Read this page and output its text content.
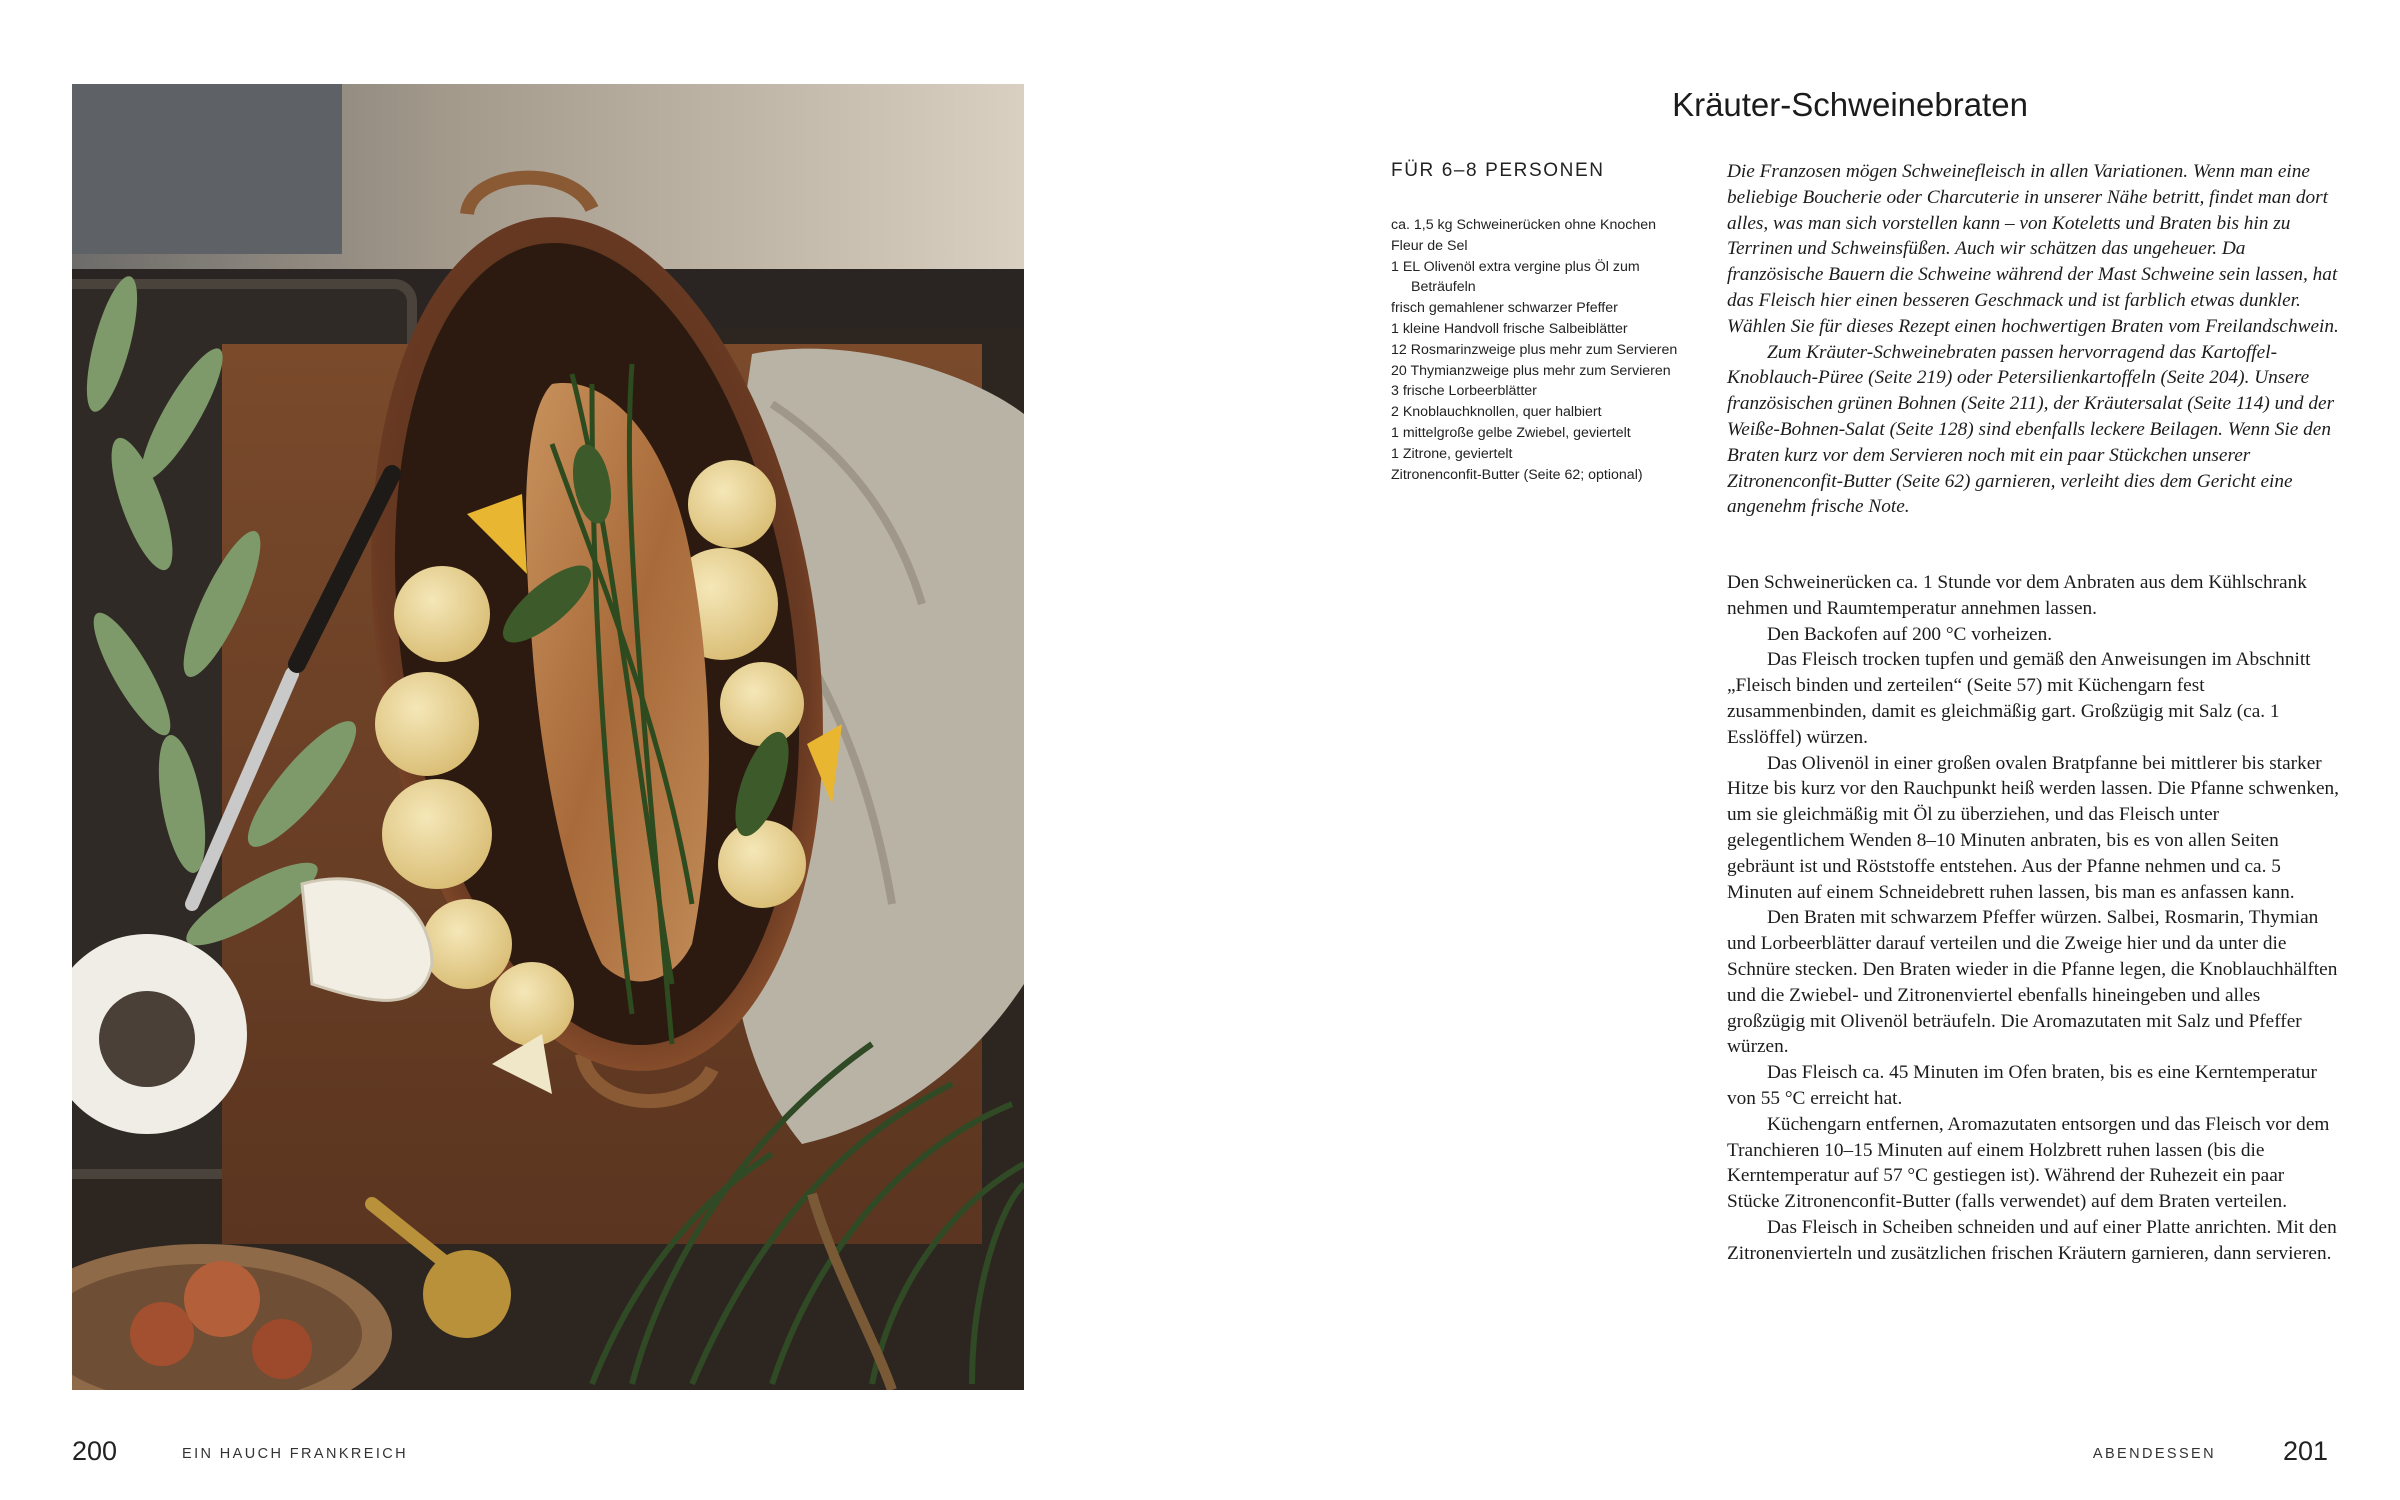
200	EIN HAUCH FRANKREICH
Kräuter-Schweinebraten
FÜR 6–8 PERSONEN
ca. 1,5 kg Schweinerücken ohne Knochen
Fleur de Sel
1 EL Olivenöl extra vergine plus Öl zum Beträufeln
frisch gemahlener schwarzer Pfeffer
1 kleine Handvoll frische Salbeiblätter
12 Rosmarinzweige plus mehr zum Servieren
20 Thymianzweige plus mehr zum Servieren
3 frische Lorbeerblätter
2 Knoblauchknollen, quer halbiert
1 mittelgroße gelbe Zwiebel, geviertelt
1 Zitrone, geviertelt
Zitronenconfit-Butter (Seite 62; optional)

Die Franzosen mögen Schweinefleisch in allen Variationen. Wenn man eine beliebige Boucherie oder Charcuterie in unserer Nähe betritt, findet man dort alles, was man sich vorstellen kann – von Koteletts und Braten bis hin zu Terrinen und Schweinsfüßen. Auch wir schätzen das ungeheuer. Da französische Bauern die Schweine während der Mast Schweine sein lassen, hat das Fleisch hier einen besseren Geschmack und ist farblich etwas dunkler. Wählen Sie für dieses Rezept einen hochwertigen Braten vom Freilandschwein.

Zum Kräuter-Schweinebraten passen hervorragend das Kartoffel-Knoblauch-Püree (Seite 219) oder Petersilienkartoffeln (Seite 204). Unsere französischen grünen Bohnen (Seite 211), der Kräutersalat (Seite 114) und der Weiße-Bohnen-Salat (Seite 128) sind ebenfalls leckere Beilagen. Wenn Sie den Braten kurz vor dem Servieren noch mit ein paar Stückchen unserer Zitronenconfit-Butter (Seite 62) garnieren, verleiht dies dem Gericht eine angenehm frische Note.

Den Schweinerücken ca. 1 Stunde vor dem Anbraten aus dem Kühlschrank nehmen und Raumtemperatur annehmen lassen.

Den Backofen auf 200 °C vorheizen.

Das Fleisch trocken tupfen und gemäß den Anweisungen im Abschnitt „Fleisch binden und zerteilen“ (Seite 57) mit Küchengarn fest zusammenbinden, damit es gleichmäßig gart. Großzügig mit Salz (ca. 1 Esslöffel) würzen.

Das Olivenöl in einer großen ovalen Bratpfanne bei mittlerer bis starker Hitze bis kurz vor den Rauchpunkt heiß werden lassen. Die Pfanne schwenken, um sie gleichmäßig mit Öl zu überziehen, und das Fleisch unter gelegentlichem Wenden 8–10 Minuten anbraten, bis es von allen Seiten gebräunt ist und Röststoffe entstehen. Aus der Pfanne nehmen und ca. 5 Minuten auf einem Schneidebrett ruhen lassen, bis man es anfassen kann.

Den Braten mit schwarzem Pfeffer würzen. Salbei, Rosmarin, Thymian und Lorbeerblätter darauf verteilen und die Zweige hier und da unter die Schnüre stecken. Den Braten wieder in die Pfanne legen, die Knoblauchhälften und die Zwiebel- und Zitronenviertel ebenfalls hineingeben und alles großzügig mit Olivenöl beträufeln. Die Aromazutaten mit Salz und Pfeffer würzen.

Das Fleisch ca. 45 Minuten im Ofen braten, bis es eine Kerntemperatur von 55 °C erreicht hat.

Küchengarn entfernen, Aromazutaten entsorgen und das Fleisch vor dem Tranchieren 10–15 Minuten auf einem Holzbrett ruhen lassen (bis die Kerntemperatur auf 57 °C gestiegen ist). Während der Ruhezeit ein paar Stücke Zitronenconfit-Butter (falls verwendet) auf dem Braten verteilen.

Das Fleisch in Scheiben schneiden und auf einer Platte anrichten. Mit den Zitronenvierteln und zusätzlichen frischen Kräutern garnieren, dann servieren.

ABENDESSEN 201
